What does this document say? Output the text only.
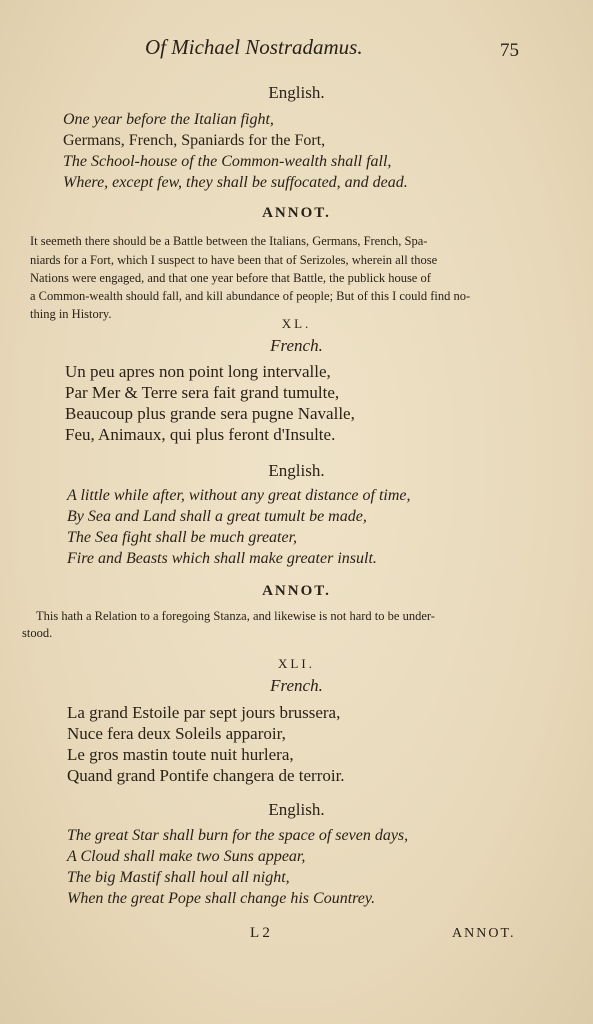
Of Michael Nostradamus.	75
English.
One year before the Italian fight,
Germans, French, Spaniards for the Fort,
The School-house of the Common-wealth shall fall,
Where, except few, they shall be suffocated, and dead.
ANNOT.
It seemeth there should be a Battle between the Italians, Germans, French, Spa-
niards for a Fort, which I suspect to have been that of Serizoles, wherein all those
Nations were engaged, and that one year before that Battle, the publick house of
a Common-wealth should fall, and kill abundance of people; But of this I could find no-
thing in History.
XL.
French.
Un peu apres non point long intervalle,
Par Mer & Terre sera fait grand tumulte,
Beaucoup plus grande sera pugne Navalle,
Feu, Animaux, qui plus feront d'Insulte.
English.
A little while after, without any great distance of time,
By Sea and Land shall a great tumult be made,
The Sea fight shall be much greater,
Fire and Beasts which shall make greater insult.
ANNOT.
This hath a Relation to a foregoing Stanza, and likewise is not hard to be under-
stood.
XLI.
French.
La grand Estoile par sept jours brussera,
Nuce fera deux Soleils apparoir,
Le gros mastin toute nuit hurlera,
Quand grand Pontife changera de terroir.
English.
The great Star shall burn for the space of seven days,
A Cloud shall make two Suns appear,
The big Mastif shall houl all night,
When the great Pope shall change his Countrey.
L 2	ANNOT.
